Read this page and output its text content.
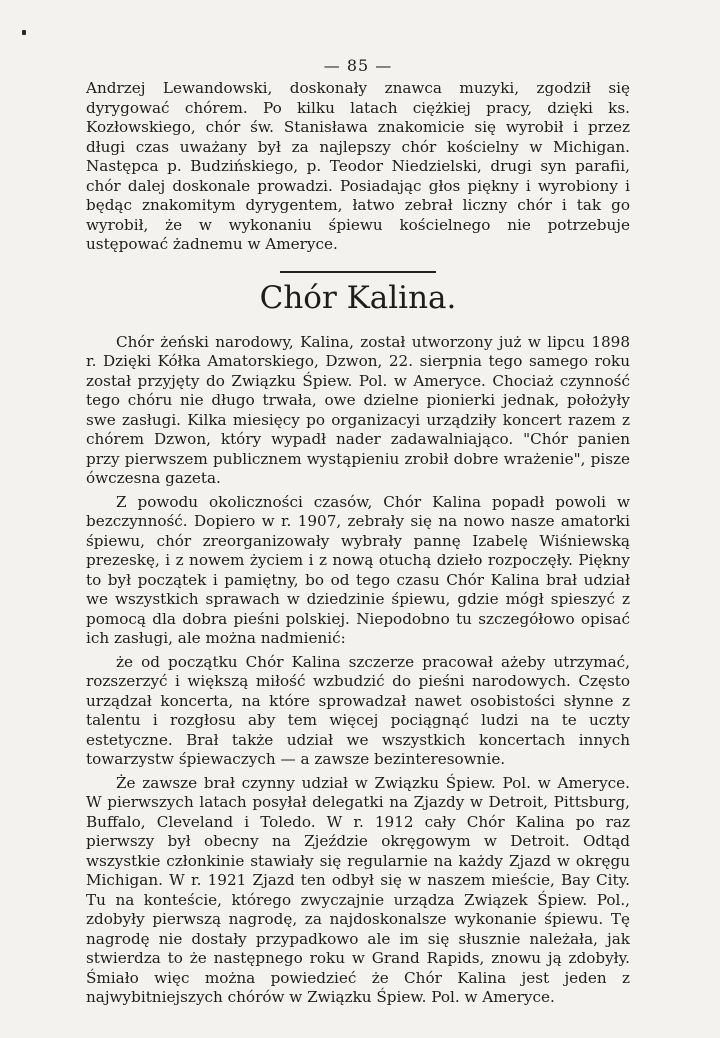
— 85 —

Andrzej Lewandowski, doskonały znawca muzyki, zgodził się dyrygować chórem. Po kilku latach ciężkiej pracy, dzięki ks. Kozłowskiego, chór św. Stanisława znakomicie się wyrobił i przez długi czas uważany był za najlepszy chór kościelny w Michigan. Następca p. Budzińskiego, p. Teodor Niedzielski, drugi syn parafii, chór dalej doskonale prowadzi. Posiadając głos piękny i wyrobiony i będąc znakomitym dyrygentem, łatwo zebrał liczny chór i tak go wyrobił, że w wykonaniu śpiewu kościelnego nie potrzebuje ustępować żadnemu w Ameryce.

Chór Kalina.

Chór żeński narodowy, Kalina, został utworzony już w lipcu 1898 r. Dzięki Kółka Amatorskiego, Dzwon, 22. sierpnia tego samego roku został przyjęty do Związku Śpiew. Pol. w Ameryce. Chociaż czynność tego chóru nie długo trwała, owe dzielne pionierki jednak, położyły swe zasługi. Kilka miesięcy po organizacyi urządziły koncert razem z chórem Dzwon, który wypadł nader zadawalniająco. "Chór panien przy pierwszem publicznem wystąpieniu zrobił dobre wrażenie", pisze ówczesna gazeta.

Z powodu okoliczności czasów, Chór Kalina popadł powoli w bezczynność. Dopiero w r. 1907, zebrały się na nowo nasze amatorki śpiewu, chór zreorganizowały wybrały pannę Izabelę Wiśniewską prezeskę, i z nowem życiem i z nową otuchą dzieło rozpoczęły. Piękny to był początek i pamiętny, bo od tego czasu Chór Kalina brał udział we wszystkich sprawach w dziedzinie śpiewu, gdzie mógł spieszyć z pomocą dla dobra pieśni polskiej. Niepodobno tu szczegółowo opisać ich zasługi, ale można nadmienić:

że od początku Chór Kalina szczerze pracował ażeby utrzymać, rozszerzyć i większą miłość wzbudzić do pieśni narodowych. Często urządzał koncerta, na które sprowadzał nawet osobistości słynne z talentu i rozgłosu aby tem więcej pociągnąć ludzi na te uczty estetyczne. Brał także udział we wszystkich koncertach innych towarzystw śpiewaczych — a zawsze bezinteresownie.

Że zawsze brał czynny udział w Związku Śpiew. Pol. w Ameryce. W pierwszych latach posyłał delegatki na Zjazdy w Detroit, Pittsburg, Buffalo, Cleveland i Toledo. W r. 1912 cały Chór Kalina po raz pierwszy był obecny na Zjeździe okręgowym w Detroit. Odtąd wszystkie członkinie stawiały się regularnie na każdy Zjazd w okręgu Michigan. W r. 1921 Zjazd ten odbył się w naszem mieście, Bay City. Tu na konteście, którego zwyczajnie urządza Związek Śpiew. Pol., zdobyły pierwszą nagrodę, za najdoskonalsze wykonanie śpiewu. Tę nagrodę nie dostały przypadkowo ale im się słusznie należała, jak stwierdza to że następnego roku w Grand Rapids, znowu ją zdobyły. Śmiało więc można powiedzieć że Chór Kalina jest jeden z najwybitniejszych chórów w Związku Śpiew. Pol. w Ameryce.
